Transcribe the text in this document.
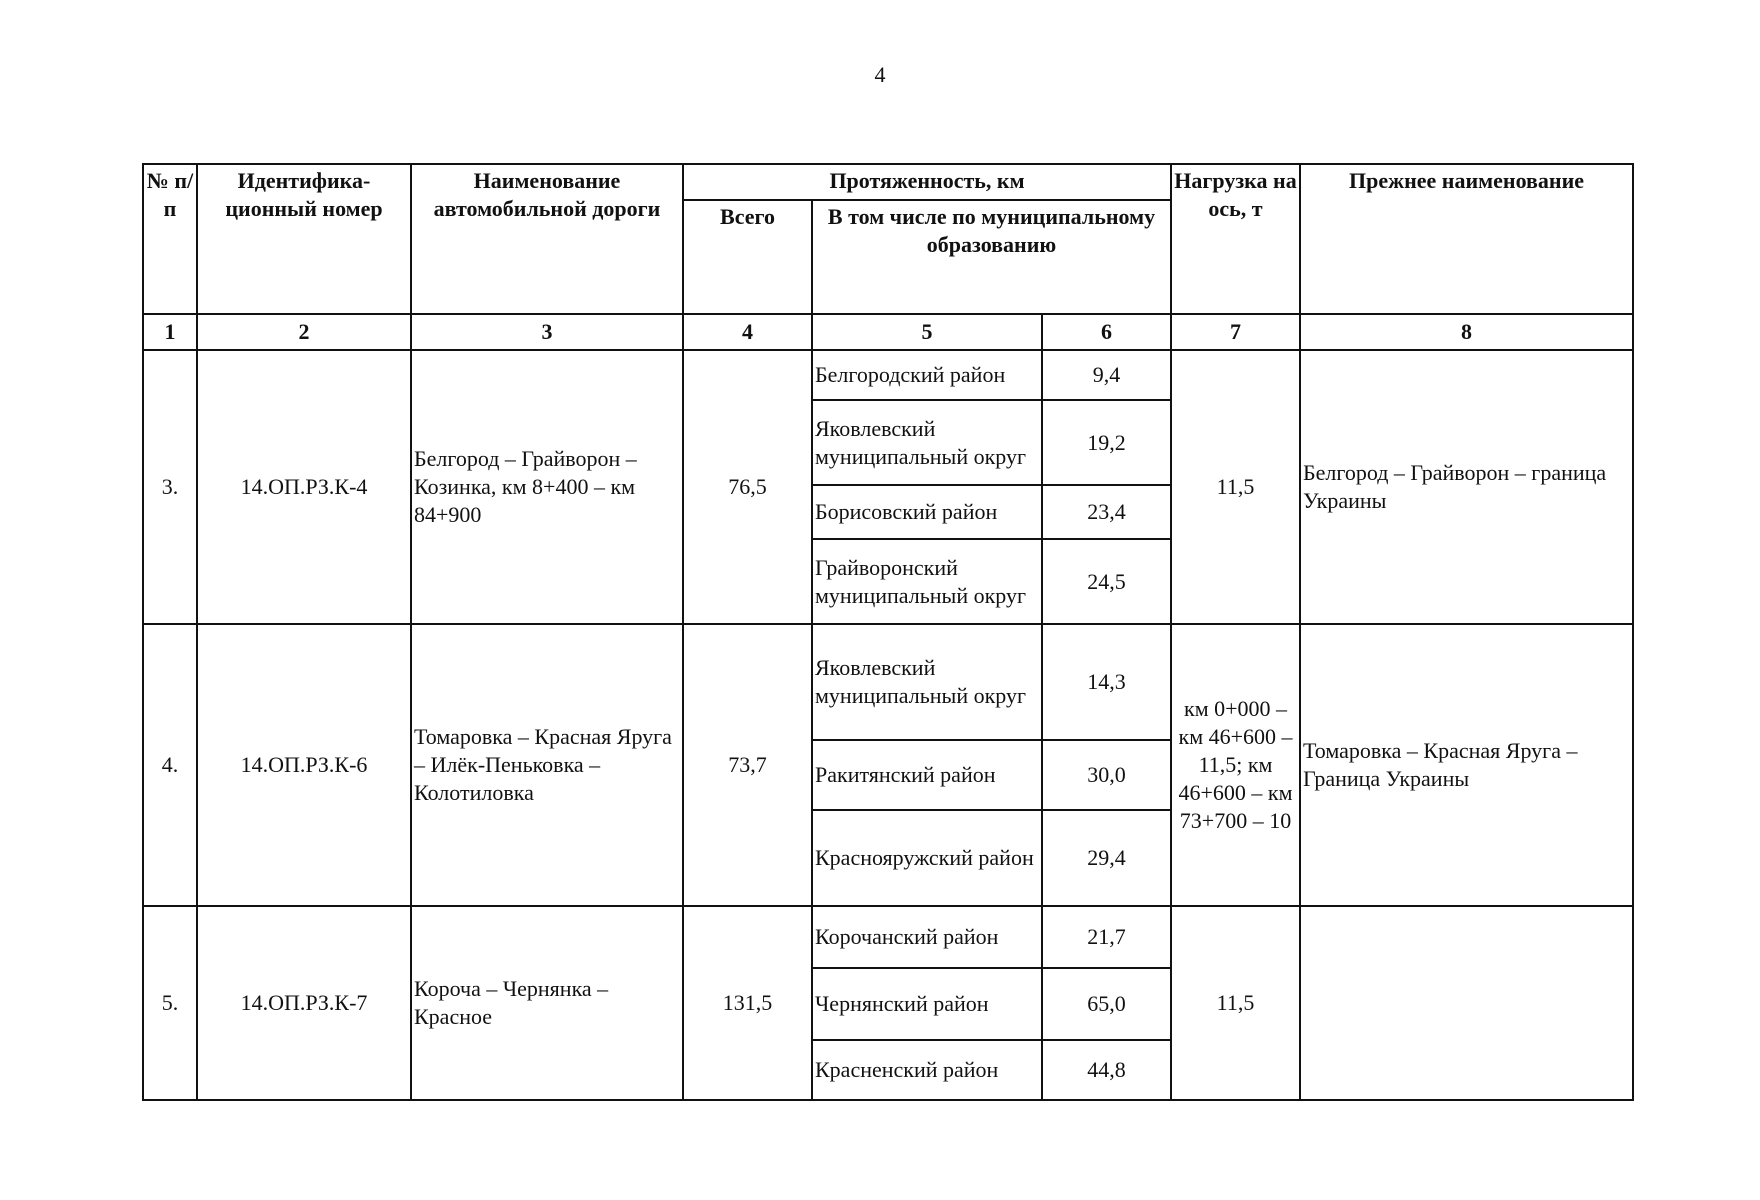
4
№ п/п	Идентифика-ционный номер	Наименование автомобильной дороги	Протяженность, км			Нагрузка на ось, т	Прежнее наименование
			Всего	В том числе по муниципальному образованию			
1	2	3	4	5	6	7	8
3.	14.ОП.РЗ.К-4	Белгород – Грайворон – Козинка, км 8+400 – км 84+900	76,5	Белгородский район	9,4	11,5	Белгород – Грайворон – граница Украины
				Яковлевский муниципальный округ	19,2		
				Борисовский район	23,4		
				Грайворонский муниципальный округ	24,5		
4.	14.ОП.РЗ.К-6	Томаровка – Красная Яруга – Илёк-Пеньковка – Колотиловка	73,7	Яковлевский муниципальный округ	14,3	км 0+000 – км 46+600 – 11,5; км 46+600 – км 73+700 – 10	Томаровка – Красная Яруга – Граница Украины
				Ракитянский район	30,0		
				Краснояружский район	29,4		
5.	14.ОП.РЗ.К-7	Короча – Чернянка – Красное	131,5	Корочанский район	21,7	11,5	
				Чернянский район	65,0		
				Красненский район	44,8		
